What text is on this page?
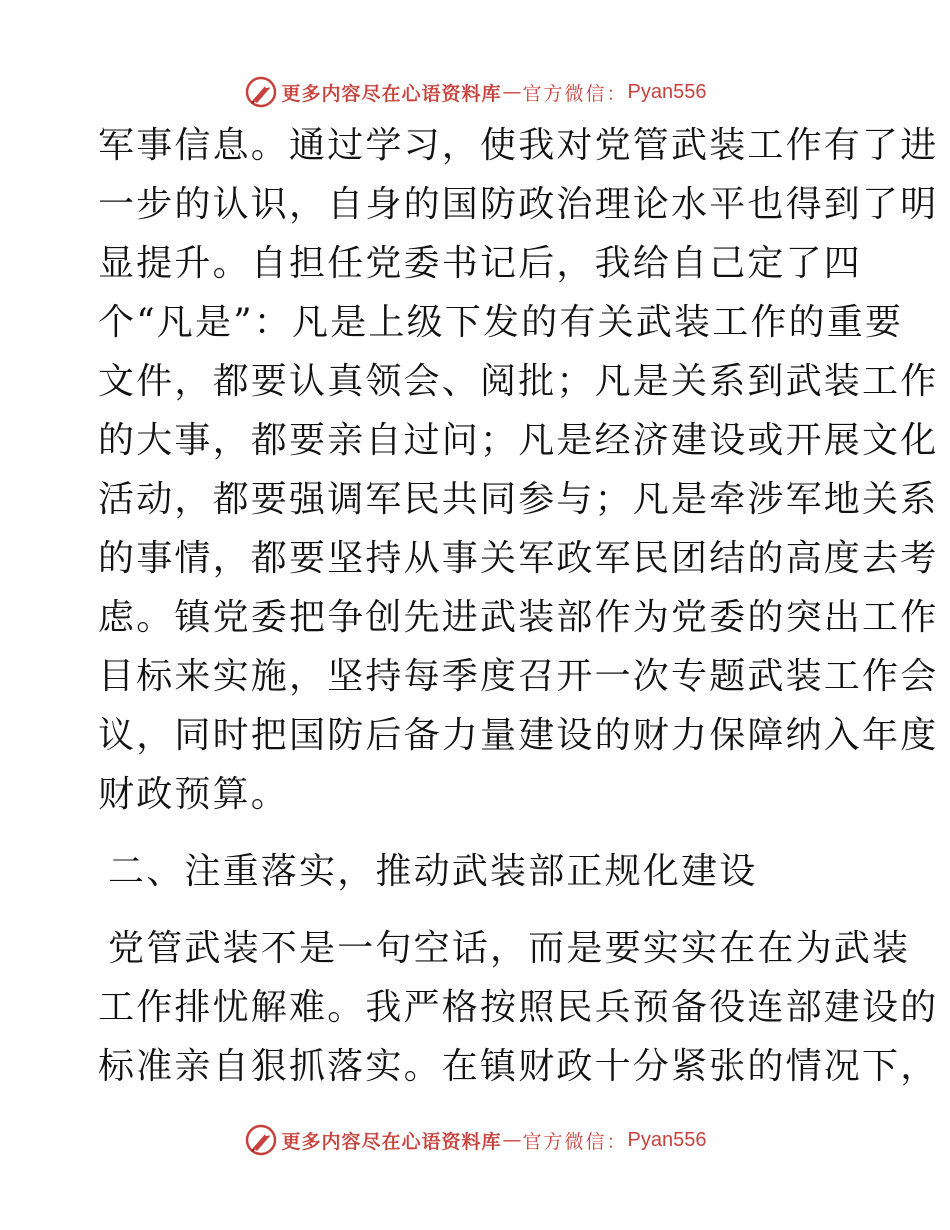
更多内容尽在心语资料库 — 官方微信： Pyan556
军事信息。通过学习，使我对党管武装工作有了进
一步的认识，自身的国防政治理论水平也得到了明
显提升。自担任党委书记后，我给自己定了四
个“凡是”：凡是上级下发的有关武装工作的重要
文件，都要认真领会、阅批；凡是关系到武装工作
的大事，都要亲自过问；凡是经济建设或开展文化
活动，都要强调军民共同参与；凡是牵涉军地关系
的事情，都要坚持从事关军政军民团结的高度去考
虑。镇党委把争创先进武装部作为党委的突出工作
目标来实施，坚持每季度召开一次专题武装工作会
议，同时把国防后备力量建设的财力保障纳入年度
财政预算。
二、注重落实，推动武装部正规化建设
党管武装不是一句空话，而是要实实在在为武装
工作排忧解难。我严格按照民兵预备役连部建设的
标准亲自狠抓落实。在镇财政十分紧张的情况下，
更多内容尽在心语资料库 — 官方微信： Pyan556
